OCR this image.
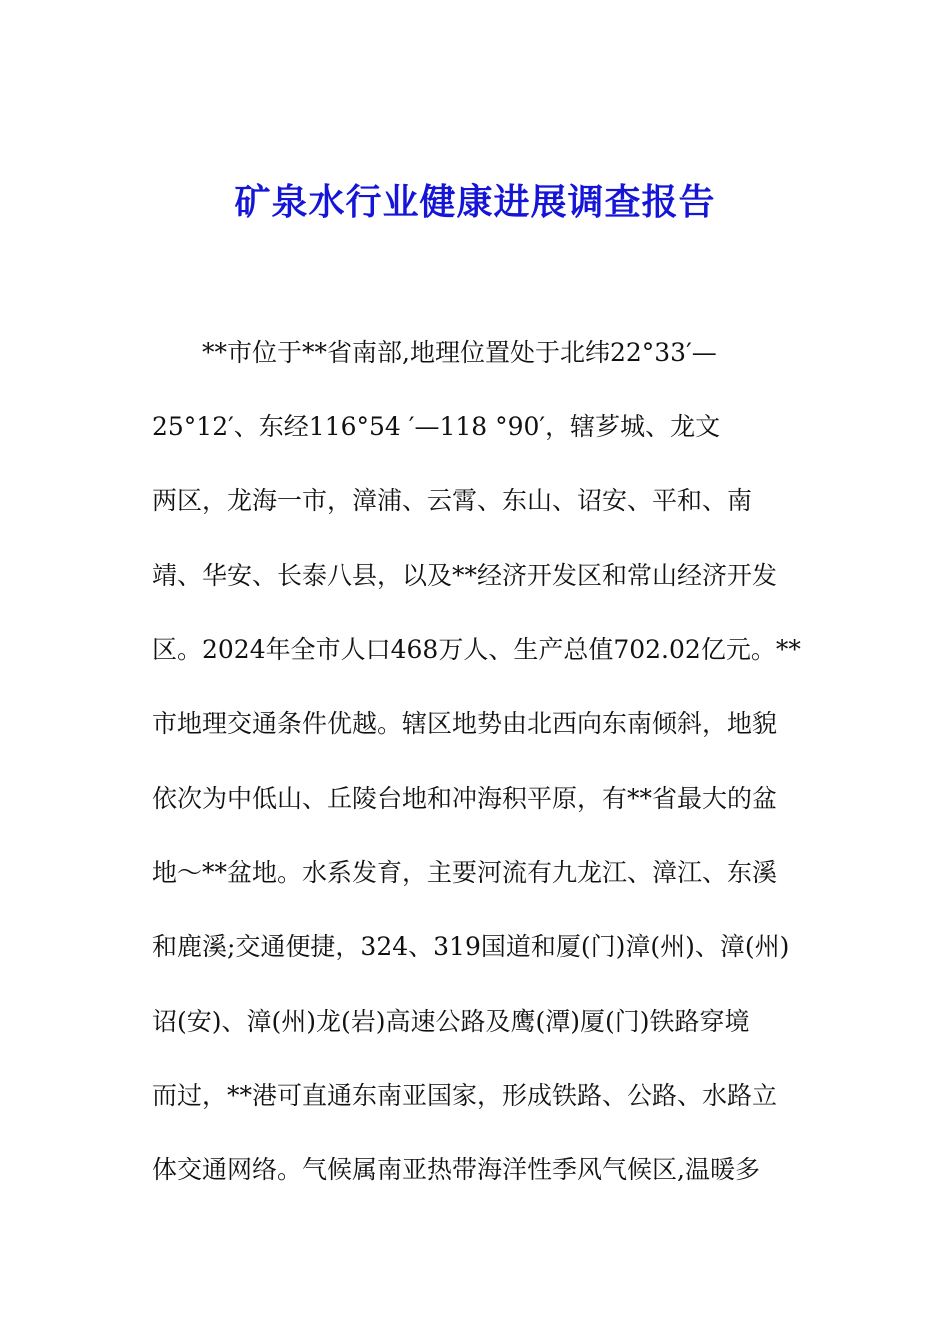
矿泉水行业健康进展调查报告

**市位于**省南部,地理位置处于北纬22°33′—

25°12′、东经116°54 ′—118 °90′，辖芗城、龙文

两区，龙海一市，漳浦、云霄、东山、诏安、平和、南

靖、华安、长泰八县，以及**经济开发区和常山经济开发

区。2024年全市人口468万人、生产总值702.02亿元。**

市地理交通条件优越。辖区地势由北西向东南倾斜，地貌

依次为中低山、丘陵台地和冲海积平原，有**省最大的盆

地～**盆地。水系发育，主要河流有九龙江、漳江、东溪

和鹿溪;交通便捷，324、319国道和厦(门)漳(州)、漳(州)

诏(安)、漳(州)龙(岩)高速公路及鹰(潭)厦(门)铁路穿境

而过，**港可直通东南亚国家，形成铁路、公路、水路立

体交通网络。气候属南亚热带海洋性季风气候区,温暖多
